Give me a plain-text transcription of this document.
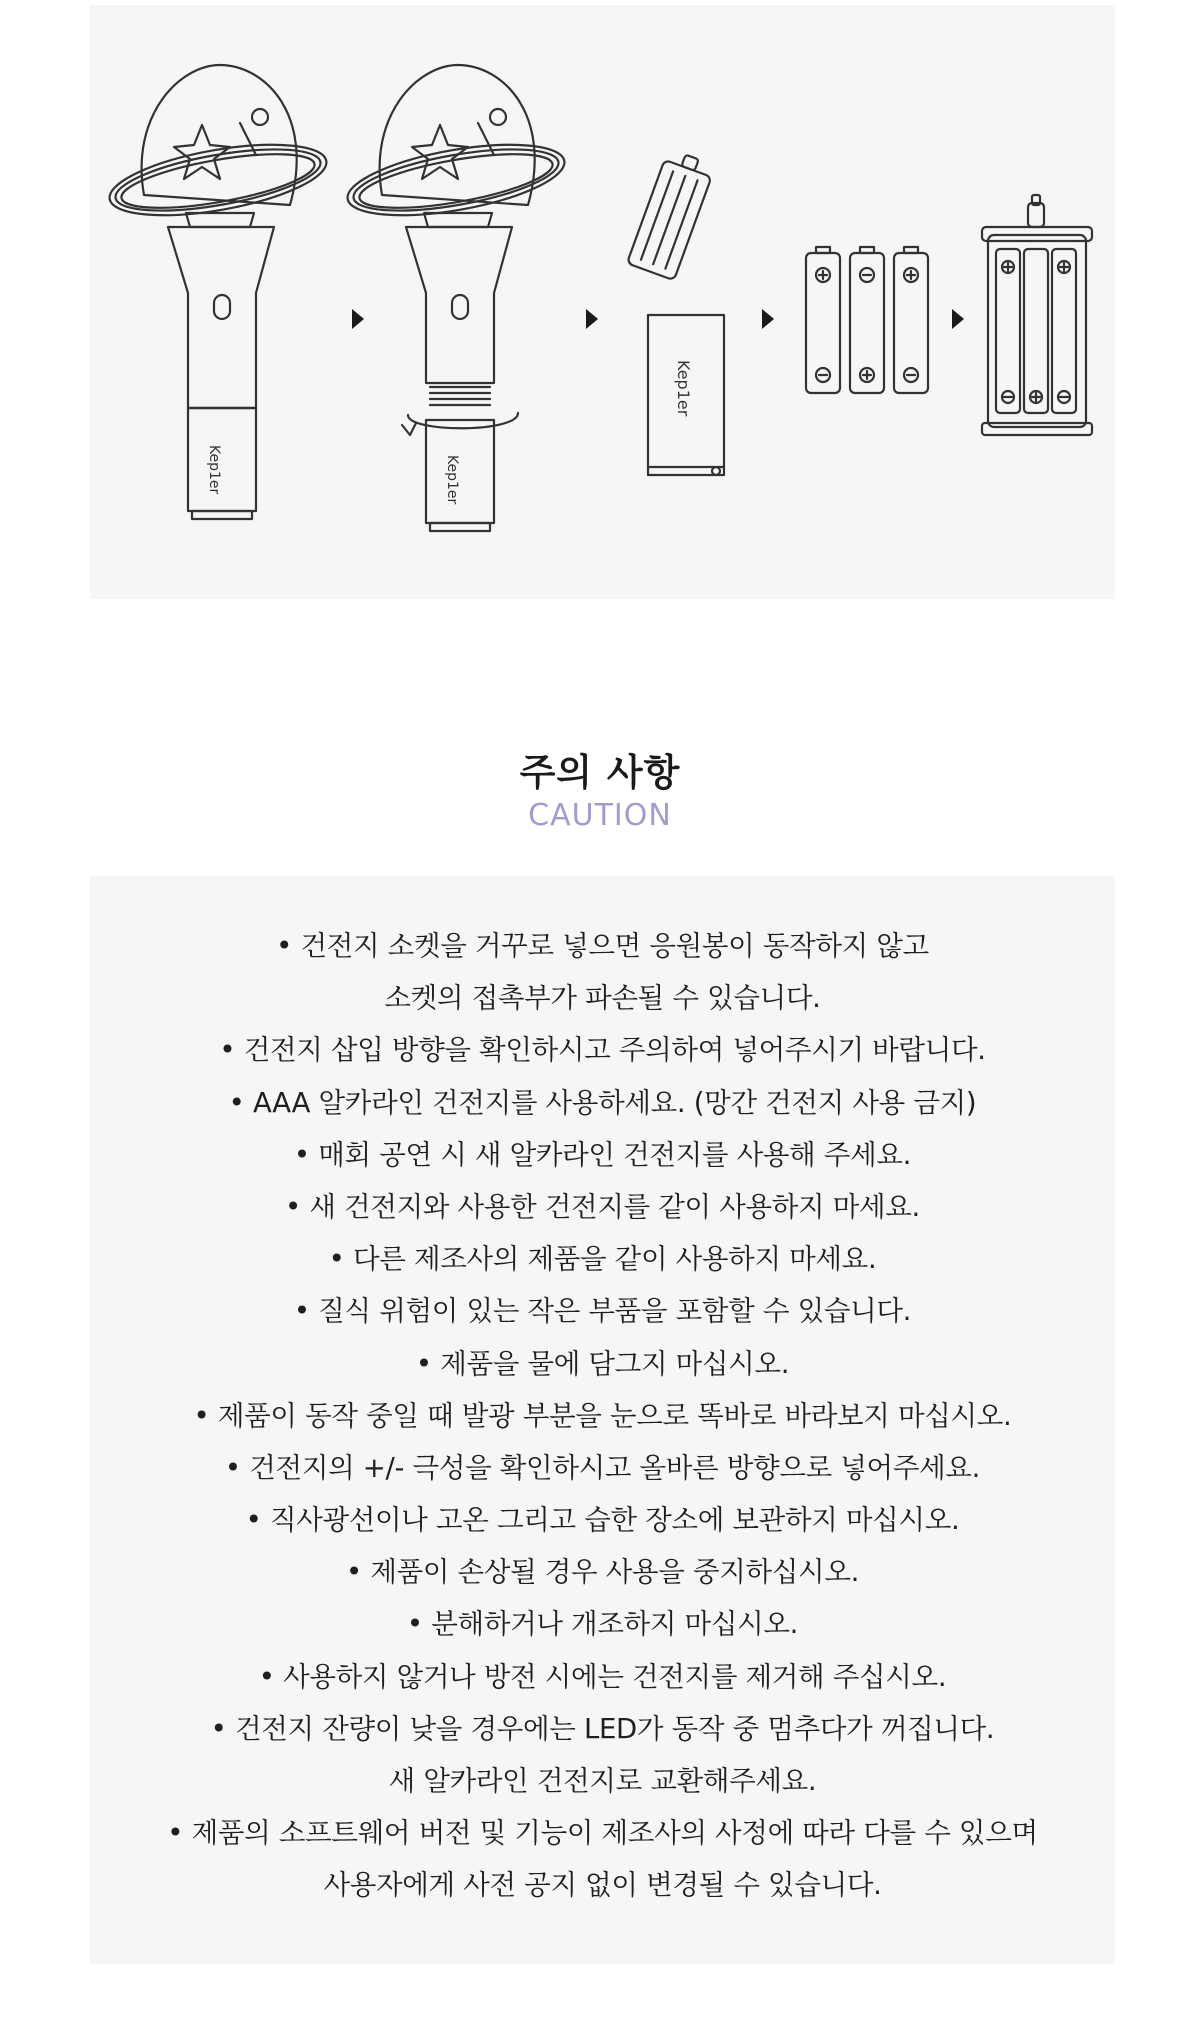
Kep1er	Kep1er
Kep1er
주의 사항
CAUTION
• 건전지 소켓을 거꾸로 넣으면 응원봉이 동작하지 않고
소켓의 접촉부가 파손될 수 있습니다.
• 건전지 삽입 방향을 확인하시고 주의하여 넣어주시기 바랍니다.
• AAA 알카라인 건전지를 사용하세요. (망간 건전지 사용 금지)
• 매회 공연 시 새 알카라인 건전지를 사용해 주세요.
• 새 건전지와 사용한 건전지를 같이 사용하지 마세요.
• 다른 제조사의 제품을 같이 사용하지 마세요.
• 질식 위험이 있는 작은 부품을 포함할 수 있습니다.
• 제품을 물에 담그지 마십시오.
• 제품이 동작 중일 때 발광 부분을 눈으로 똑바로 바라보지 마십시오.
• 건전지의 +/- 극성을 확인하시고 올바른 방향으로 넣어주세요.
• 직사광선이나 고온 그리고 습한 장소에 보관하지 마십시오.
• 제품이 손상될 경우 사용을 중지하십시오.
• 분해하거나 개조하지 마십시오.
• 사용하지 않거나 방전 시에는 건전지를 제거해 주십시오.
• 건전지 잔량이 낮을 경우에는 LED가 동작 중 멈추다가 꺼집니다.
새 알카라인 건전지로 교환해주세요.
• 제품의 소프트웨어 버전 및 기능이 제조사의 사정에 따라 다를 수 있으며
사용자에게 사전 공지 없이 변경될 수 있습니다.
